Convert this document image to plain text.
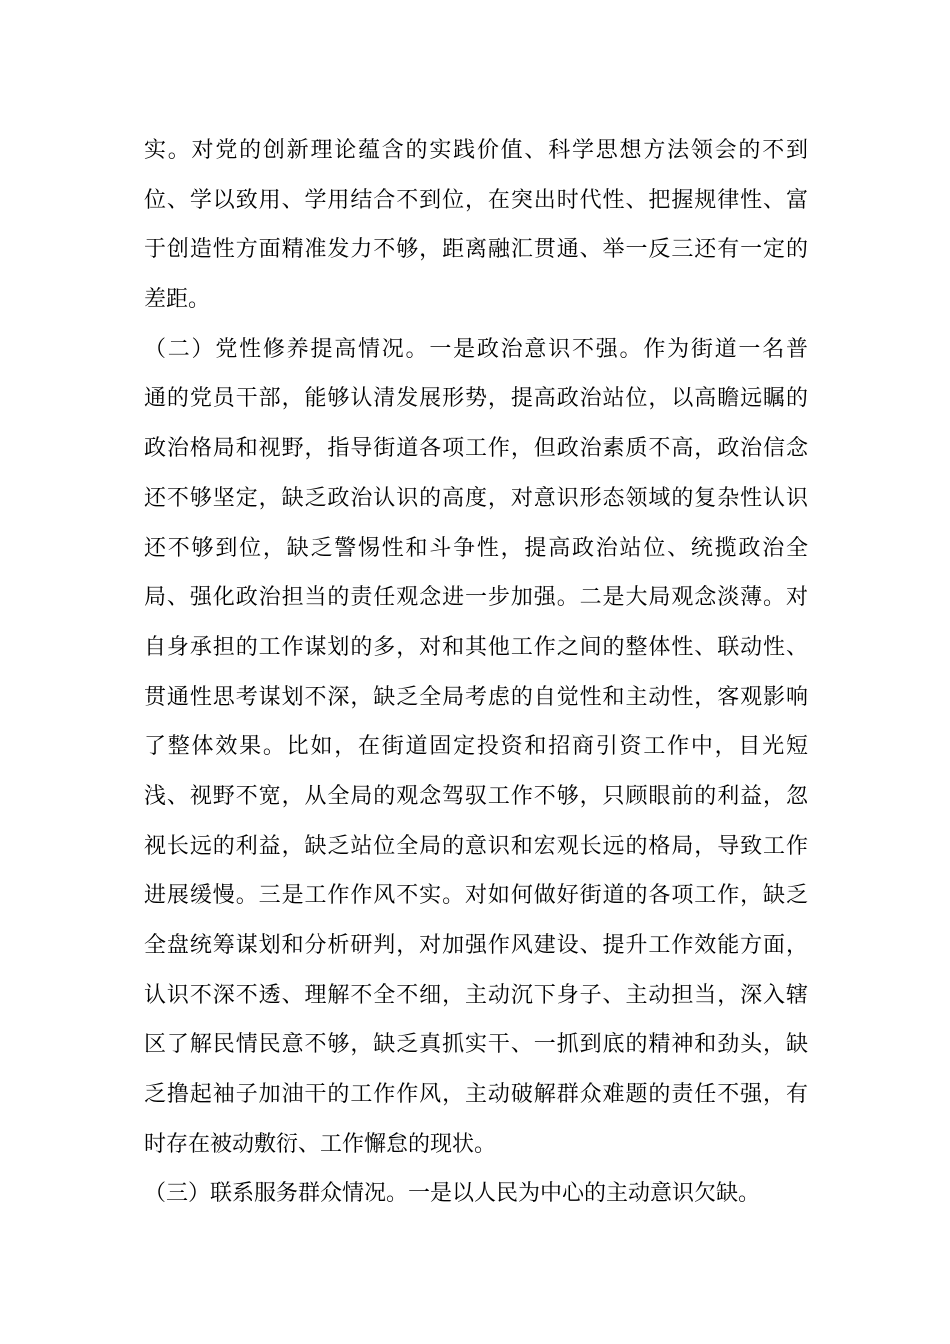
实。对党的创新理论蕴含的实践价值、科学思想方法领会的不到
位、学以致用、学用结合不到位，在突出时代性、把握规律性、富
于创造性方面精准发力不够，距离融汇贯通、举一反三还有一定的
差距。
（二）党性修养提高情况。一是政治意识不强。作为街道一名普
通的党员干部，能够认清发展形势，提高政治站位，以高瞻远瞩的
政治格局和视野，指导街道各项工作，但政治素质不高，政治信念
还不够坚定，缺乏政治认识的高度，对意识形态领域的复杂性认识
还不够到位，缺乏警惕性和斗争性，提高政治站位、统揽政治全
局、强化政治担当的责任观念进一步加强。二是大局观念淡薄。对
自身承担的工作谋划的多，对和其他工作之间的整体性、联动性、
贯通性思考谋划不深，缺乏全局考虑的自觉性和主动性，客观影响
了整体效果。比如，在街道固定投资和招商引资工作中，目光短
浅、视野不宽，从全局的观念驾驭工作不够，只顾眼前的利益，忽
视长远的利益，缺乏站位全局的意识和宏观长远的格局，导致工作
进展缓慢。三是工作作风不实。对如何做好街道的各项工作，缺乏
全盘统筹谋划和分析研判，对加强作风建设、提升工作效能方面，
认识不深不透、理解不全不细，主动沉下身子、主动担当，深入辖
区了解民情民意不够，缺乏真抓实干、一抓到底的精神和劲头，缺
乏撸起袖子加油干的工作作风，主动破解群众难题的责任不强，有
时存在被动敷衍、工作懈怠的现状。
（三）联系服务群众情况。一是以人民为中心的主动意识欠缺。
